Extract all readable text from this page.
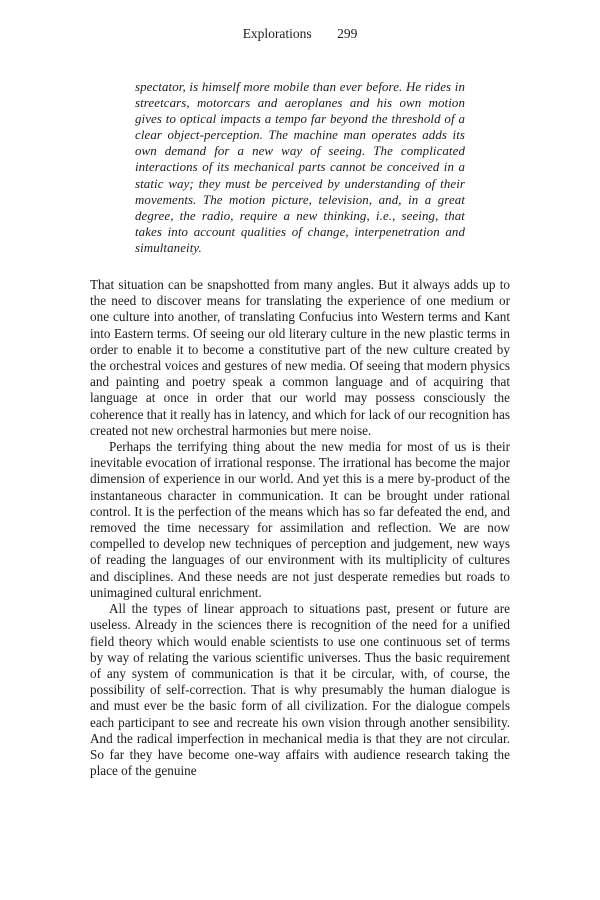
Explorations 299
spectator, is himself more mobile than ever before. He rides in streetcars, motorcars and aeroplanes and his own motion gives to optical impacts a tempo far beyond the threshold of a clear object-perception. The machine man operates adds its own demand for a new way of seeing. The complicated interactions of its mechanical parts cannot be conceived in a static way; they must be perceived by understanding of their movements. The motion picture, television, and, in a great degree, the radio, require a new thinking, i.e., seeing, that takes into account qualities of change, interpenetration and simultaneity.

That situation can be snapshotted from many angles. But it always adds up to the need to discover means for translating the experience of one medium or one culture into another, of translating Confucius into Western terms and Kant into Eastern terms. Of seeing our old literary culture in the new plastic terms in order to enable it to become a constitutive part of the new culture created by the orchestral voices and gestures of new media. Of seeing that modern physics and painting and poetry speak a common language and of acquiring that language at once in order that our world may possess consciously the coherence that it really has in latency, and which for lack of our recognition has created not new orchestral harmonies but mere noise.

Perhaps the terrifying thing about the new media for most of us is their inevitable evocation of irrational response. The irrational has become the major dimension of experience in our world. And yet this is a mere by-product of the instantaneous character in communication. It can be brought under rational control. It is the perfection of the means which has so far defeated the end, and removed the time necessary for assimilation and reflection. We are now compelled to develop new techniques of perception and judgement, new ways of reading the languages of our environment with its multiplicity of cultures and disciplines. And these needs are not just desperate remedies but roads to unimagined cultural enrichment.

All the types of linear approach to situations past, present or future are useless. Already in the sciences there is recognition of the need for a unified field theory which would enable scientists to use one continuous set of terms by way of relating the various scientific universes. Thus the basic requirement of any system of communication is that it be circular, with, of course, the possibility of self-correction. That is why presumably the human dialogue is and must ever be the basic form of all civilization. For the dialogue compels each participant to see and recreate his own vision through another sensibility. And the radical imperfection in mechanical media is that they are not circular. So far they have become one-way affairs with audience research taking the place of the genuine
